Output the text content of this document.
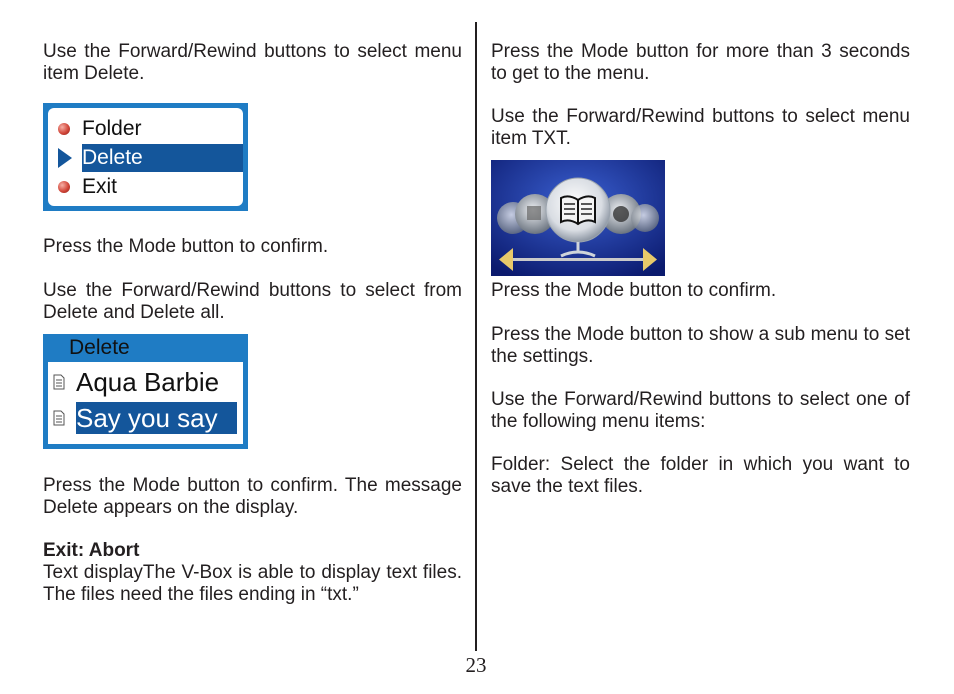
Use the Forward/Rewind buttons to select menu item Delete.

Folder
Delete
Exit

Press the Mode button to confirm.

Use the Forward/Rewind buttons to select from Delete and Delete all.

Delete
Aqua Barbie
Say you say

Press the Mode button to confirm. The message Delete appears on the display.

Exit: Abort

Text displayThe V-Box is able to display text files. The files need the files ending in “txt.”

Press the Mode button for more than 3 seconds to get to the menu.

Use the Forward/Rewind buttons to select menu item TXT.

Press the Mode button to confirm.

Press the Mode button to show a sub menu to set the settings.

Use the Forward/Rewind buttons to select one of the following menu items:

Folder: Select the folder in which you want to save the text files.

23
